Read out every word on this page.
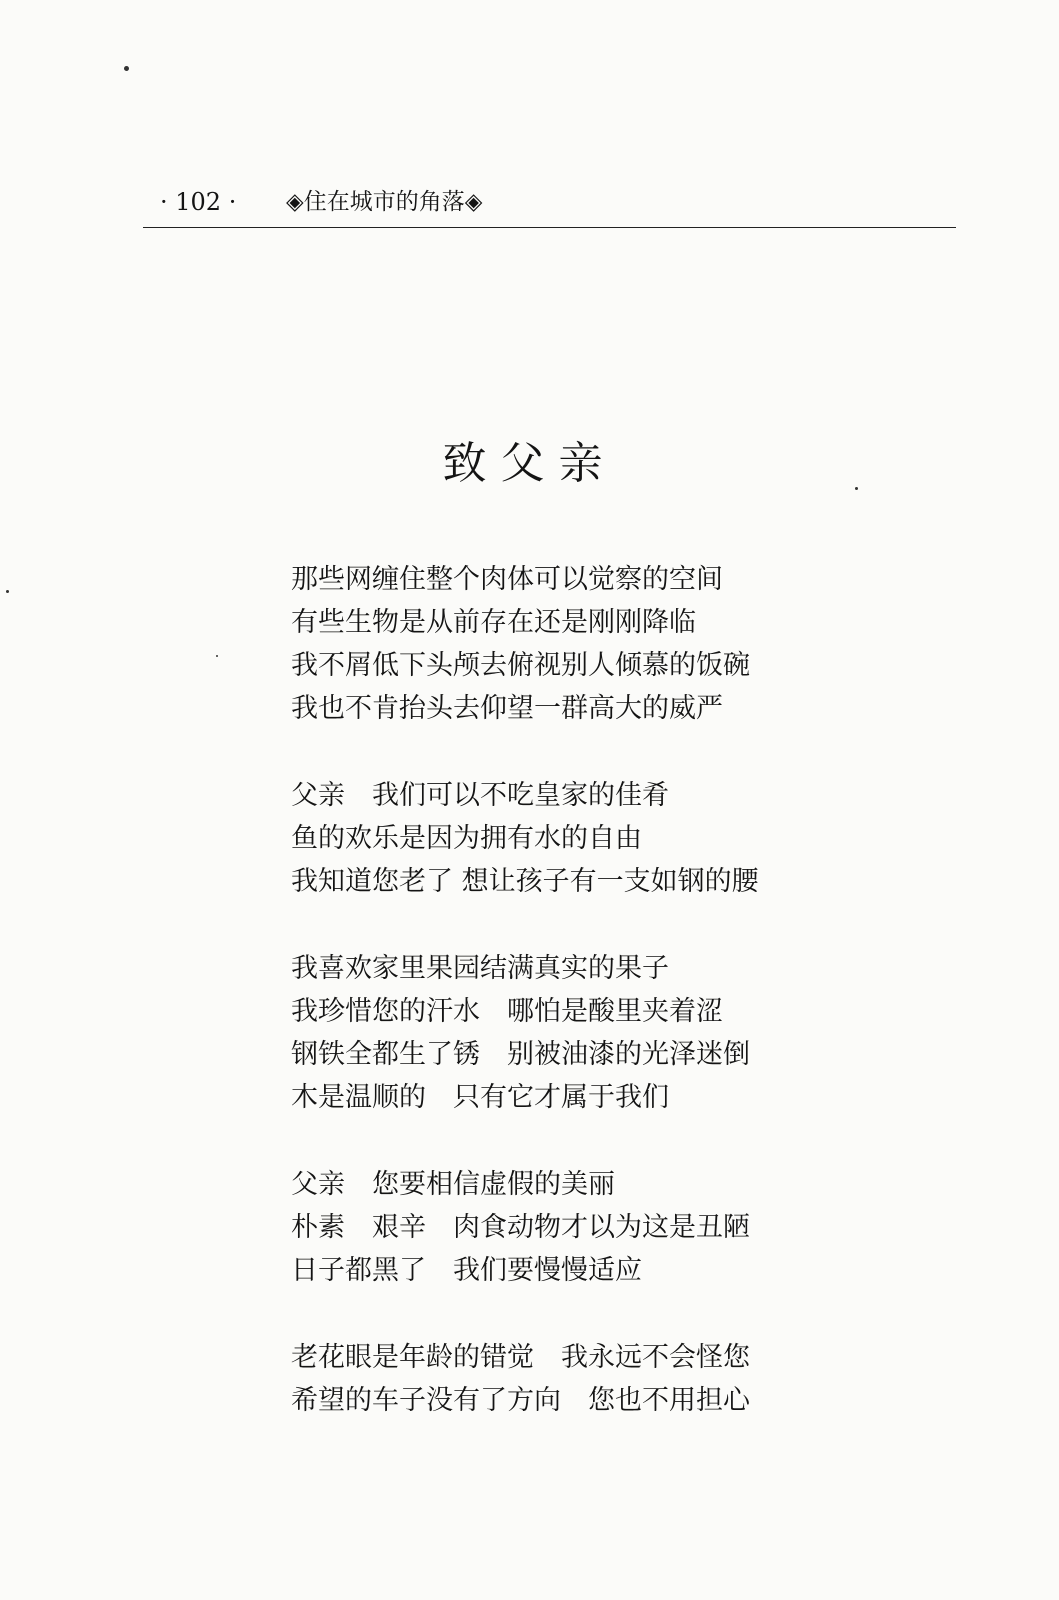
· 102 · ◈住在城市的角落◈
致父亲
那些网缠住整个肉体可以觉察的空间
有些生物是从前存在还是刚刚降临
我不屑低下头颅去俯视别人倾慕的饭碗
我也不肯抬头去仰望一群高大的威严
父亲　我们可以不吃皇家的佳肴
鱼的欢乐是因为拥有水的自由
我知道您老了 想让孩子有一支如钢的腰
我喜欢家里果园结满真实的果子
我珍惜您的汗水　哪怕是酸里夹着涩
钢铁全都生了锈　别被油漆的光泽迷倒
木是温顺的　只有它才属于我们
父亲　您要相信虚假的美丽
朴素　艰辛　肉食动物才以为这是丑陋
日子都黑了　我们要慢慢适应
老花眼是年龄的错觉　我永远不会怪您
希望的车子没有了方向　您也不用担心
